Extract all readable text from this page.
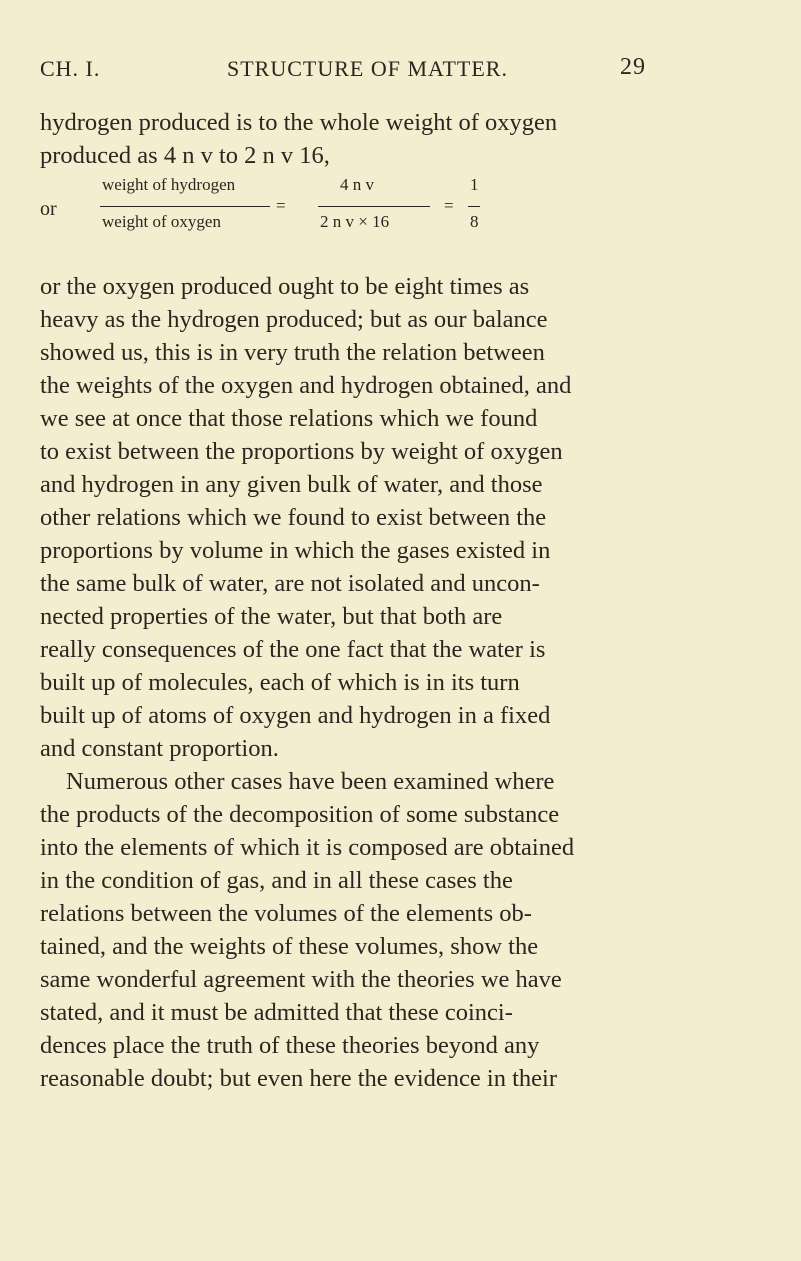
CH. I.	STRUCTURE OF MATTER.	29
hydrogen produced is to the whole weight of oxygen
produced as 4 n v to 2 n v 16,
or
weight of hydrogen
weight of oxygen
=
4 n v
2 n v × 16
=
1
8
or the oxygen produced ought to be eight times as
heavy as the hydrogen produced; but as our balance
showed us, this is in very truth the relation between
the weights of the oxygen and hydrogen obtained, and
we see at once that those relations which we found
to exist between the proportions by weight of oxygen
and hydrogen in any given bulk of water, and those
other relations which we found to exist between the
proportions by volume in which the gases existed in
the same bulk of water, are not isolated and uncon-
nected properties of the water, but that both are
really consequences of the one fact that the water is
built up of molecules, each of which is in its turn
built up of atoms of oxygen and hydrogen in a fixed
and constant proportion.
Numerous other cases have been examined where
the products of the decomposition of some substance
into the elements of which it is composed are obtained
in the condition of gas, and in all these cases the
relations between the volumes of the elements ob-
tained, and the weights of these volumes, show the
same wonderful agreement with the theories we have
stated, and it must be admitted that these coinci-
dences place the truth of these theories beyond any
reasonable doubt; but even here the evidence in their
